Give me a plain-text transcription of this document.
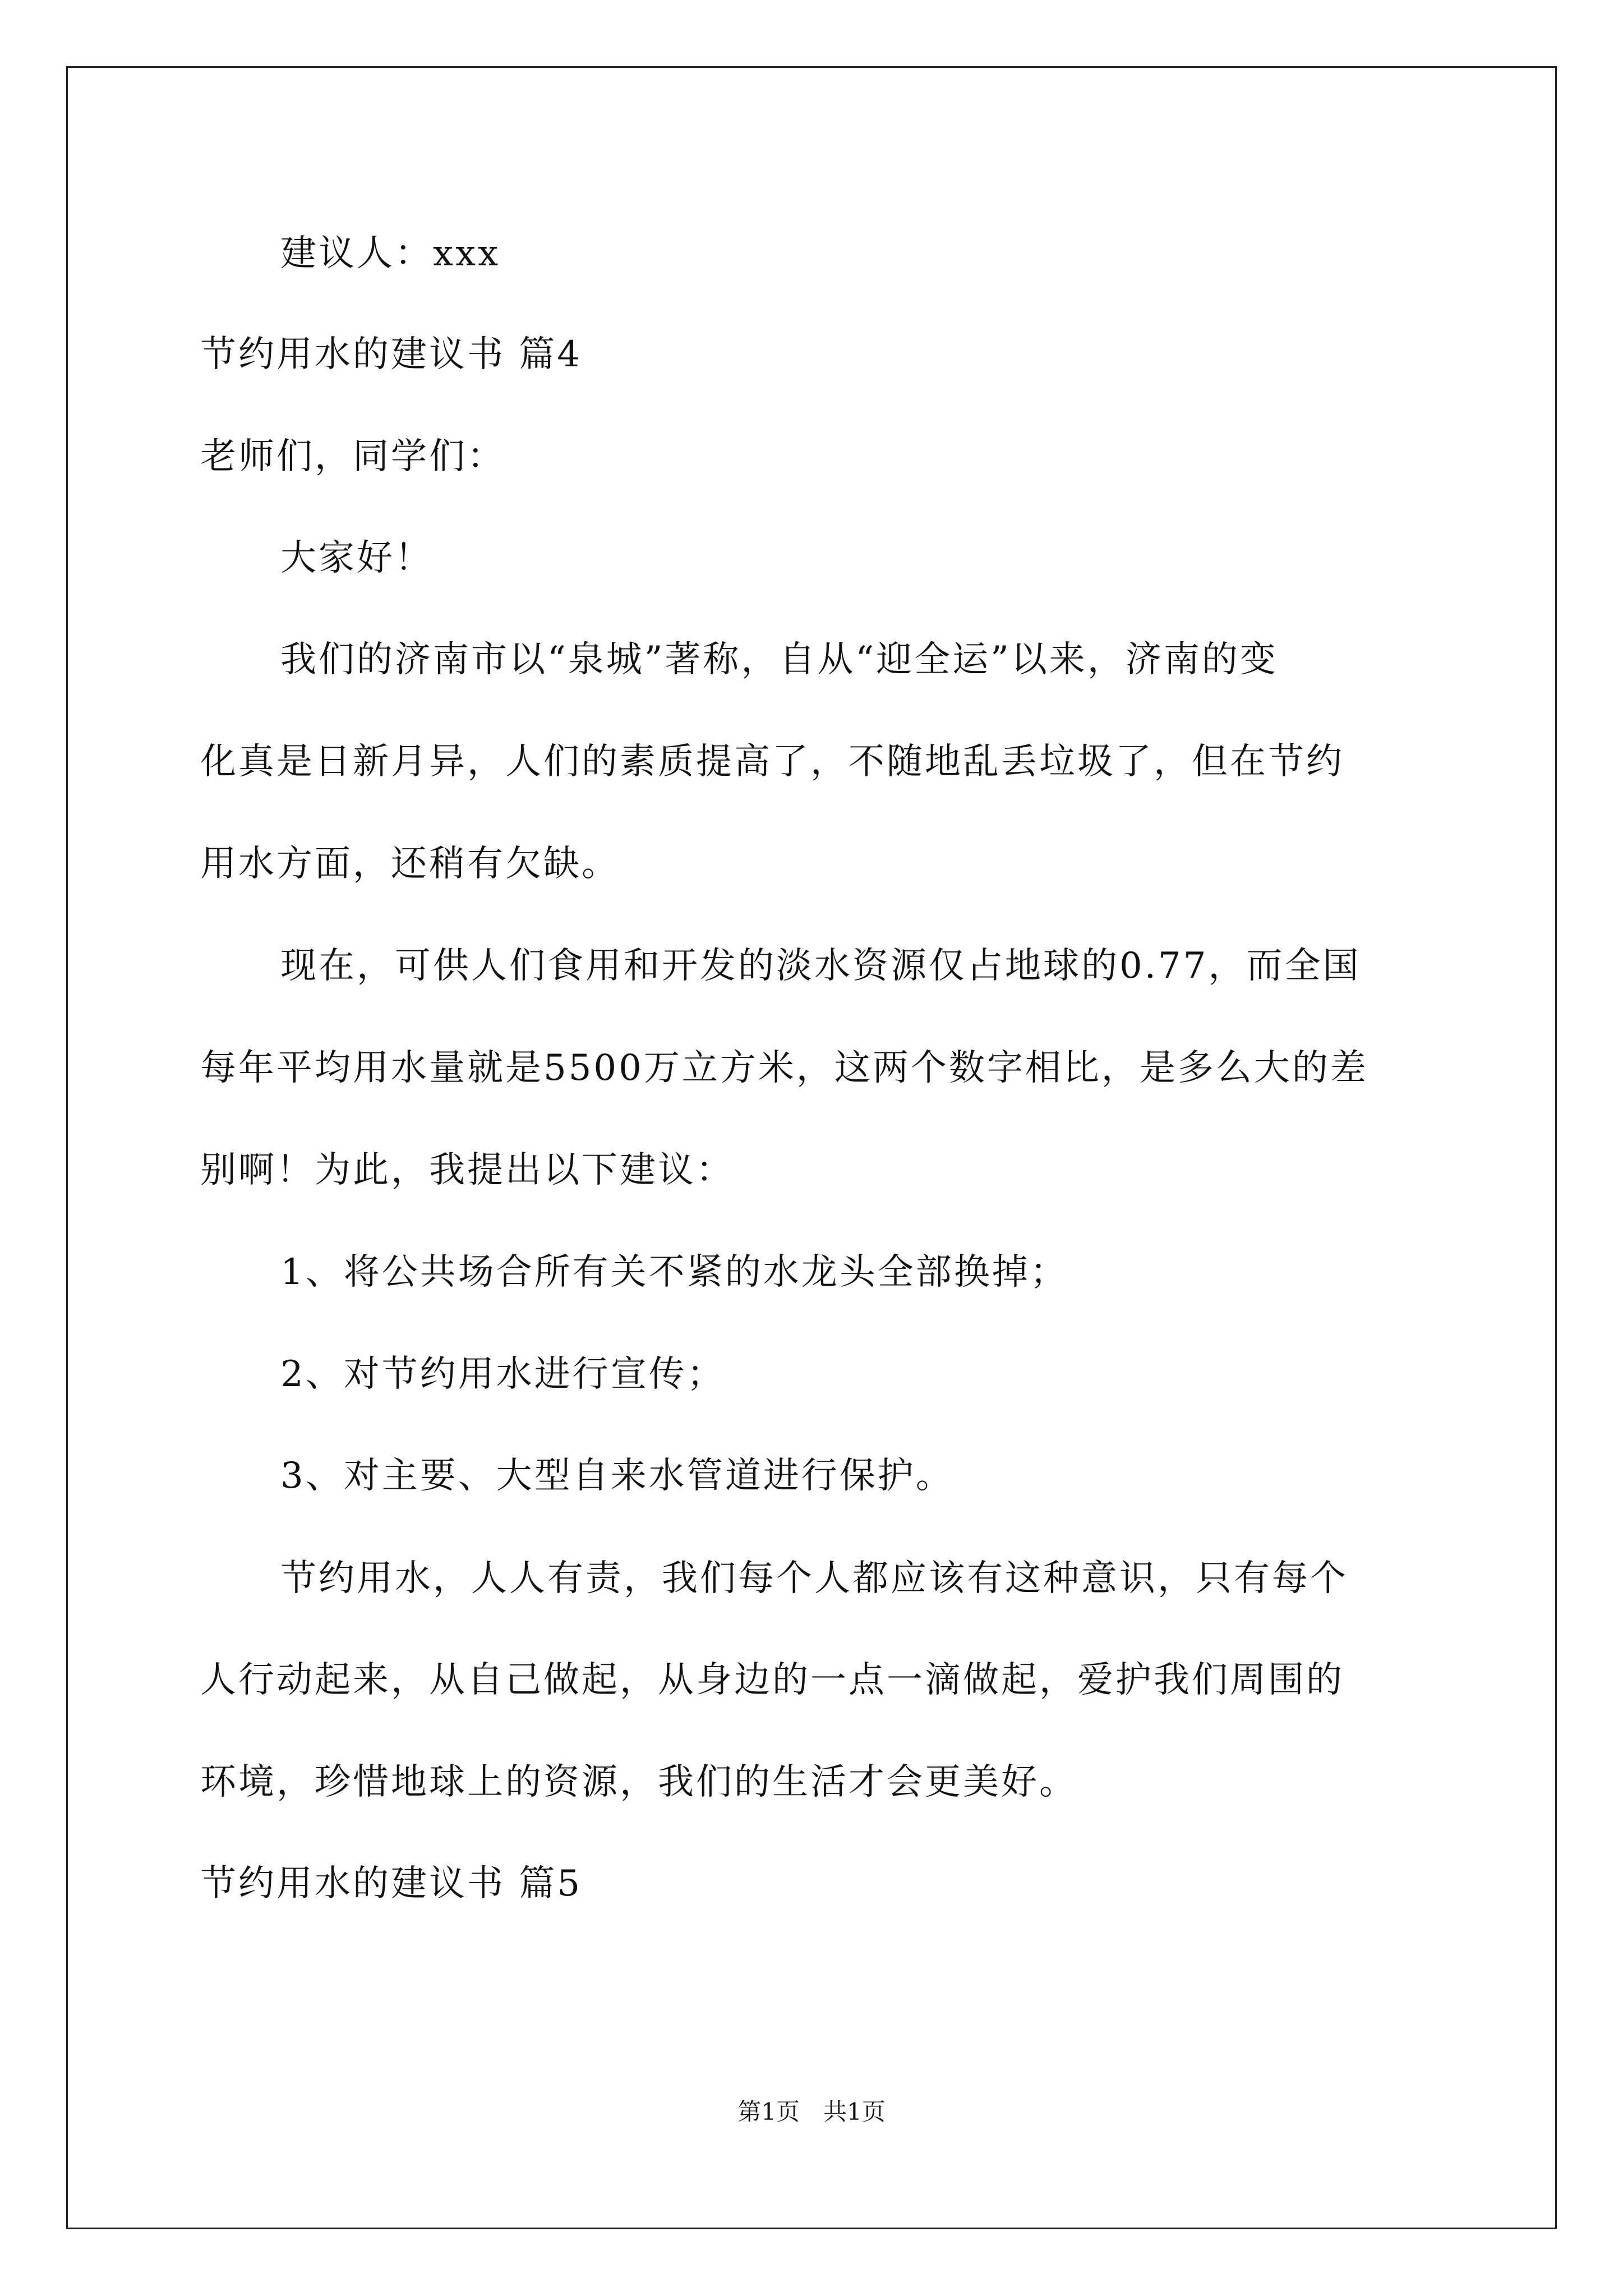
建议人：xxx

节约用水的建议书 篇4

老师们，同学们：

大家好！

我们的济南市以“泉城”著称，自从“迎全运”以来，济南的变

化真是日新月异，人们的素质提高了，不随地乱丢垃圾了，但在节约

用水方面，还稍有欠缺。

现在，可供人们食用和开发的淡水资源仅占地球的0.77，而全国

每年平均用水量就是5500万立方米，这两个数字相比，是多么大的差

别啊！为此，我提出以下建议：

1、将公共场合所有关不紧的水龙头全部换掉；

2、对节约用水进行宣传；

3、对主要、大型自来水管道进行保护。

节约用水，人人有责，我们每个人都应该有这种意识，只有每个

人行动起来，从自己做起，从身边的一点一滴做起，爱护我们周围的

环境，珍惜地球上的资源，我们的生活才会更美好。

节约用水的建议书 篇5

第1页　共1页
